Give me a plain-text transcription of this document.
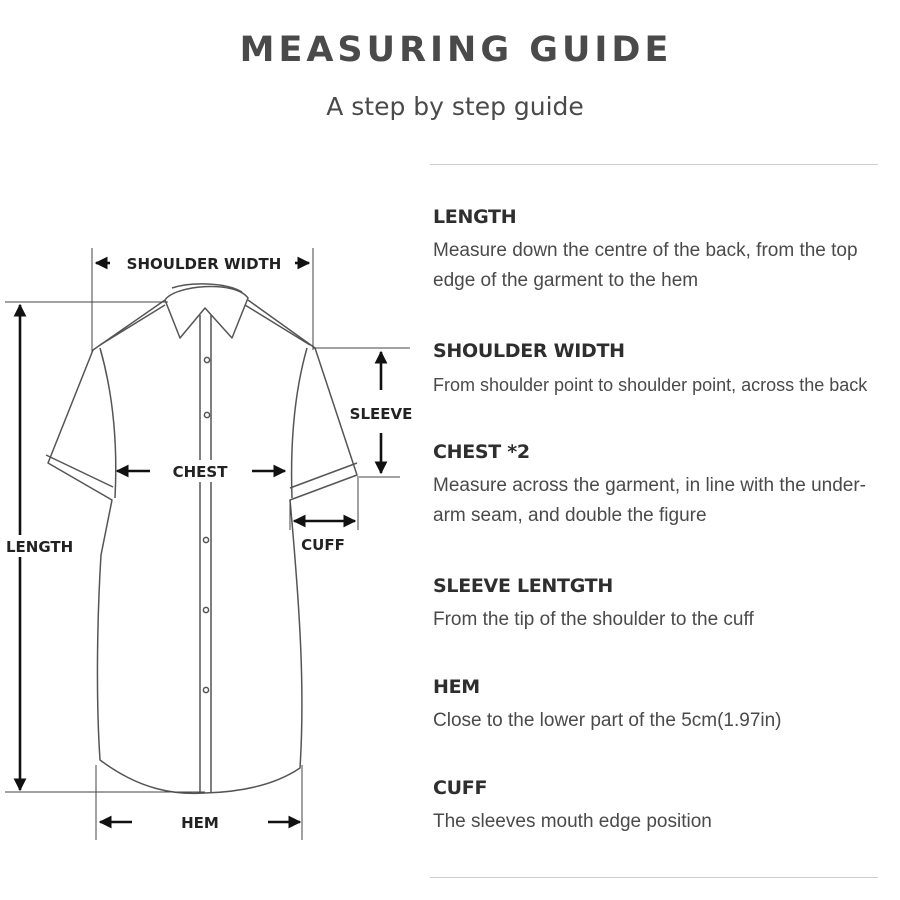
MEASURING GUIDE
A step by step guide
SHOULDER WIDTH
LENGTH
SLEEVE
CHEST
CUFF
HEM
LENGTH
Measure down the centre of the back, from the top edge of the garment to the hem
SHOULDER WIDTH
From shoulder point to shoulder point, across the back
CHEST *2
Measure across the garment, in line with the under-arm seam, and double the figure
SLEEVE LENTGTH
From the tip of the shoulder to the cuff
HEM
Close to the lower part of the 5cm(1.97in)
CUFF
The sleeves mouth edge position
